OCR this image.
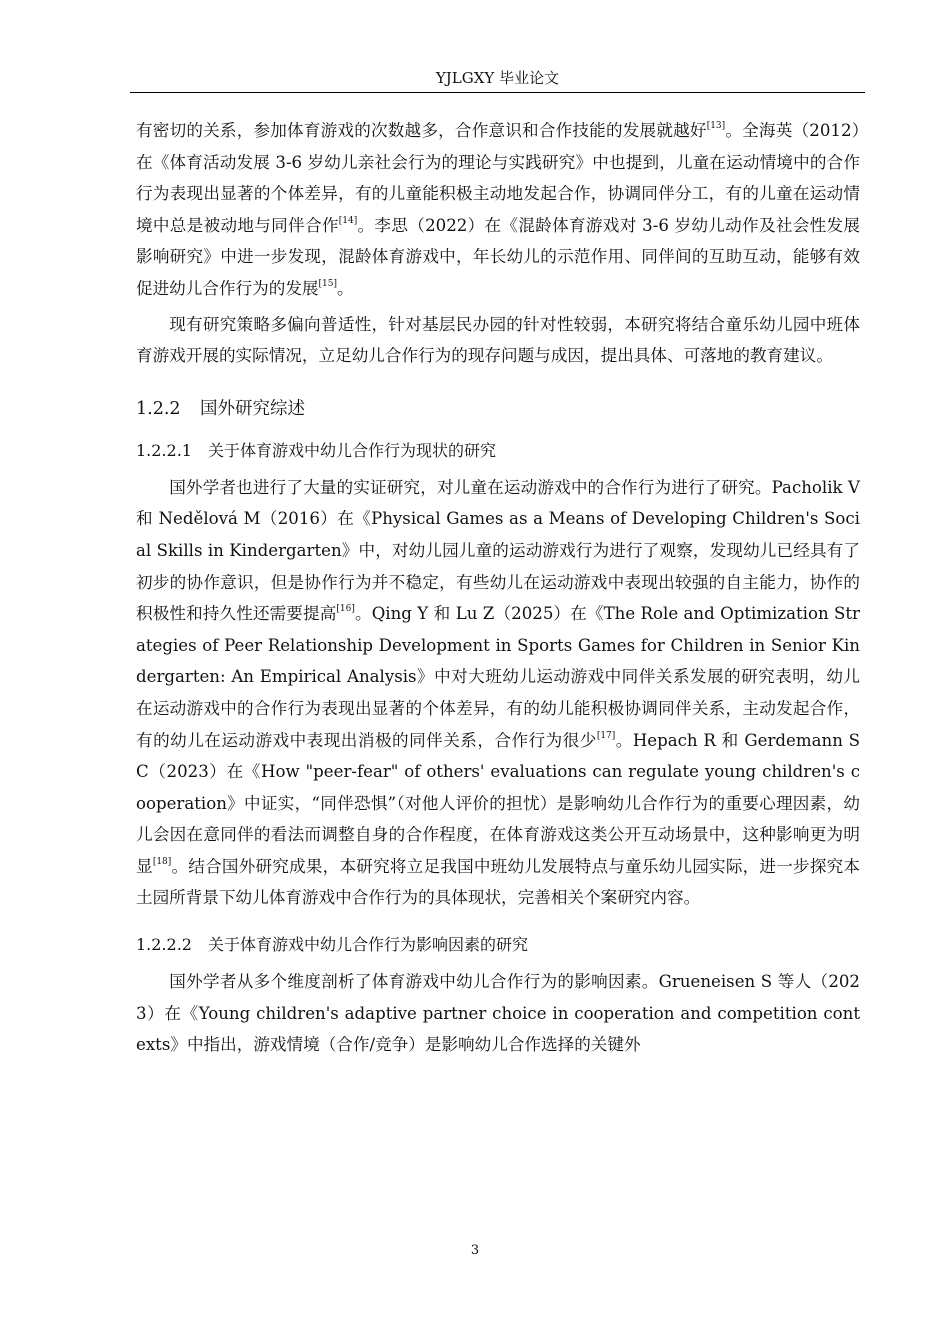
YJLGXY 毕业论文

有密切的关系，参加体育游戏的次数越多，合作意识和合作技能的发展就越好[13]。全海英（2012）在《体育活动发展 3-6 岁幼儿亲社会行为的理论与实践研究》中也提到，儿童在运动情境中的合作行为表现出显著的个体差异，有的儿童能积极主动地发起合作，协调同伴分工，有的儿童在运动情境中总是被动地与同伴合作[14]。李思（2022）在《混龄体育游戏对 3-6 岁幼儿动作及社会性发展影响研究》中进一步发现，混龄体育游戏中，年长幼儿的示范作用、同伴间的互助互动，能够有效促进幼儿合作行为的发展[15]。

现有研究策略多偏向普适性，针对基层民办园的针对性较弱，本研究将结合童乐幼儿园中班体育游戏开展的实际情况，立足幼儿合作行为的现存问题与成因，提出具体、可落地的教育建议。

1.2.2 国外研究综述
1.2.2.1 关于体育游戏中幼儿合作行为现状的研究

国外学者也进行了大量的实证研究，对儿童在运动游戏中的合作行为进行了研究。Pacholik V 和 Nedělová M（2016）在《Physical Games as a Means of Developing Children's Social Skills in Kindergarten》中，对幼儿园儿童的运动游戏行为进行了观察，发现幼儿已经具有了初步的协作意识，但是协作行为并不稳定，有些幼儿在运动游戏中表现出较强的自主能力，协作的积极性和持久性还需要提高[16]。Qing Y 和 Lu Z（2025）在《The Role and Optimization Strategies of Peer Relationship Development in Sports Games for Children in Senior Kindergarten: An Empirical Analysis》中对大班幼儿运动游戏中同伴关系发展的研究表明，幼儿在运动游戏中的合作行为表现出显著的个体差异，有的幼儿能积极协调同伴关系，主动发起合作，有的幼儿在运动游戏中表现出消极的同伴关系，合作行为很少[17]。Hepach R 和 Gerdemann S C（2023）在《How "peer-fear" of others' evaluations can regulate young children's cooperation》中证实，“同伴恐惧”（对他人评价的担忧）是影响幼儿合作行为的重要心理因素，幼儿会因在意同伴的看法而调整自身的合作程度，在体育游戏这类公开互动场景中，这种影响更为明显[18]。结合国外研究成果，本研究将立足我国中班幼儿发展特点与童乐幼儿园实际，进一步探究本土园所背景下幼儿体育游戏中合作行为的具体现状，完善相关个案研究内容。

1.2.2.2 关于体育游戏中幼儿合作行为影响因素的研究

国外学者从多个维度剖析了体育游戏中幼儿合作行为的影响因素。Grueneisen S 等人（2023）在《Young children's adaptive partner choice in cooperation and competition contexts》中指出，游戏情境（合作/竞争）是影响幼儿合作选择的关键外

3
